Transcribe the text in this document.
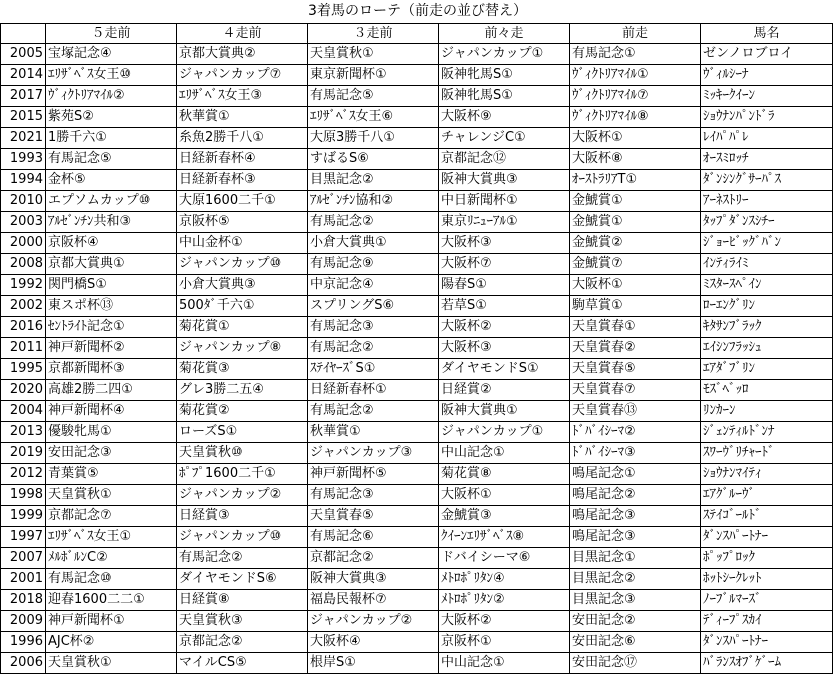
3着馬のローテ（前走の並び替え）
	５走前	４走前	３走前	前々走	前走	馬名
2005	宝塚記念④	京都大賞典②	天皇賞秋①	ジャパンカップ①	有馬記念①	ゼンノロブロイ
2014	ｴﾘｻﾞﾍﾞｽ女王⑩	ジャパンカップ⑦	東京新聞杯①	阪神牝馬S①	ｳﾞｨｸﾄﾘｱﾏｲﾙ①	ｳﾞｨﾙｼｰﾅ
2017	ｳﾞｨｸﾄﾘｱﾏｲﾙ②	ｴﾘｻﾞﾍﾞｽ女王③	有馬記念⑤	阪神牝馬S①	ｳﾞｨｸﾄﾘｱﾏｲﾙ⑦	ﾐｯｷｰｸｲｰﾝ
2015	紫苑S②	秋華賞①	ｴﾘｻﾞﾍﾞｽ女王⑥	大阪杯⑨	ｳﾞｨｸﾄﾘｱﾏｲﾙ⑧	ｼｮｳﾅﾝﾊﾟﾝﾄﾞﾗ
2021	1勝千六①	糸魚2勝千八①	大原3勝千八①	チャレンジC①	大阪杯①	ﾚｲﾊﾟﾊﾟﾚ
1993	有馬記念⑤	日経新春杯④	すばるS⑥	京都記念⑫	大阪杯⑧	ｵｰｽﾐﾛｯﾁ
1994	金杯⑤	日経新春杯③	目黒記念②	阪神大賞典③	ｵｰｽﾄﾗﾘｱT①	ﾀﾞﾝｼﾝｸﾞｻｰﾊﾟｽ
2010	エプソムカップ⑩	大原1600二千①	ｱﾙｾﾞﾝﾁﾝ協和②	中日新聞杯①	金鯱賞①	ｱｰﾈｽﾄﾘｰ
2003	ｱﾙｾﾞﾝﾁﾝ共和③	京阪杯⑤	有馬記念②	東京ﾘﾆｭｰｱﾙ①	金鯱賞①	ﾀｯﾌﾟﾀﾞﾝｽｼﾁｰ
2000	京阪杯④	中山金杯①	小倉大賞典①	大阪杯③	金鯱賞②	ｼﾞｮｰﾋﾞｯｸﾞﾊﾞﾝ
2008	京都大賞典①	ジャパンカップ⑩	有馬記念⑨	大阪杯⑦	金鯱賞⑦	ｲﾝﾃｨﾗｲﾐ
1992	関門橋S①	小倉大賞典③	中京記念④	陽春S①	大阪杯①	ﾐｽﾀｰｽﾍﾟｲﾝ
2002	東スポ杯⑬	500ﾀﾞ千六①	スプリングS⑥	若草S①	駒草賞①	ﾛｰｴﾝｸﾞﾘﾝ
2016	ｾﾝﾄﾗｲﾄ記念①	菊花賞①	有馬記念③	大阪杯②	天皇賞春①	ｷﾀｻﾝﾌﾞﾗｯｸ
2011	神戸新聞杯②	ジャパンカップ⑧	有馬記念②	大阪杯③	天皇賞春②	ｴｲｼﾝﾌﾗｯｼｭ
1995	京都新聞杯③	菊花賞③	ｽﾃｲﾔｰｽﾞS①	ダイヤモンドS①	天皇賞春⑤	ｴｱﾀﾞﾌﾞﾘﾝ
2020	高雄2勝二四①	グレ3勝二五④	日経新春杯①	日経賞②	天皇賞春⑦	ﾓｽﾞﾍﾞｯﾛ
2004	神戸新聞杯④	菊花賞②	有馬記念②	阪神大賞典①	天皇賞春⑬	ﾘﾝｶｰﾝ
2013	優駿牝馬①	ローズS①	秋華賞①	ジャパンカップ①	ﾄﾞﾊﾞｲｼｰﾏ②	ｼﾞｪﾝﾃｨﾙﾄﾞﾝﾅ
2019	安田記念③	天皇賞秋⑩	ジャパンカップ③	中山記念①	ﾄﾞﾊﾞｲｼｰﾏ③	ｽﾜｰｳﾞﾘﾁｬｰﾄﾞ
2012	青葉賞⑤	ﾎﾟﾌﾟ1600二千①	神戸新聞杯⑤	菊花賞⑧	鳴尾記念①	ｼｮｳﾅﾝﾏｲﾃｨ
1998	天皇賞秋①	ジャパンカップ②	有馬記念③	大阪杯①	鳴尾記念②	ｴｱｸﾞﾙｰｳﾞ
1999	京都記念⑦	日経賞③	天皇賞春⑤	金鯱賞③	鳴尾記念③	ｽﾃｲｺﾞｰﾙﾄﾞ
1997	ｴﾘｻﾞﾍﾞｽ女王①	ジャパンカップ⑩	有馬記念⑥	ｸｲｰﾝｴﾘｻﾞﾍﾞｽ⑧	鳴尾記念③	ﾀﾞﾝｽﾊﾟｰﾄﾅｰ
2007	ﾒﾙﾎﾞﾙﾝC②	有馬記念②	京都記念②	ドバイシーマ⑥	目黒記念①	ﾎﾟｯﾌﾟﾛｯｸ
2001	有馬記念⑩	ダイヤモンドS⑥	阪神大賞典③	ﾒﾄﾛﾎﾟﾘﾀﾝ④	目黒記念②	ﾎｯﾄｼｰｸﾚｯﾄ
2018	迎春1600二二①	日経賞⑧	福島民報杯⑦	ﾒﾄﾛﾎﾟﾘﾀﾝ②	目黒記念③	ﾉｰﾌﾞﾙﾏｰｽﾞ
2009	神戸新聞杯①	天皇賞秋③	ジャパンカップ②	大阪杯②	安田記念②	ﾃﾞｨｰﾌﾟｽｶｲ
1996	AJC杯②	京都記念②	大阪杯④	京阪杯①	安田記念⑥	ﾀﾞﾝｽﾊﾟｰﾄﾅｰ
2006	天皇賞秋①	マイルCS⑤	根岸S①	中山記念①	安田記念⑰	ﾊﾞﾗﾝｽｵﾌﾞｹﾞｰﾑ
